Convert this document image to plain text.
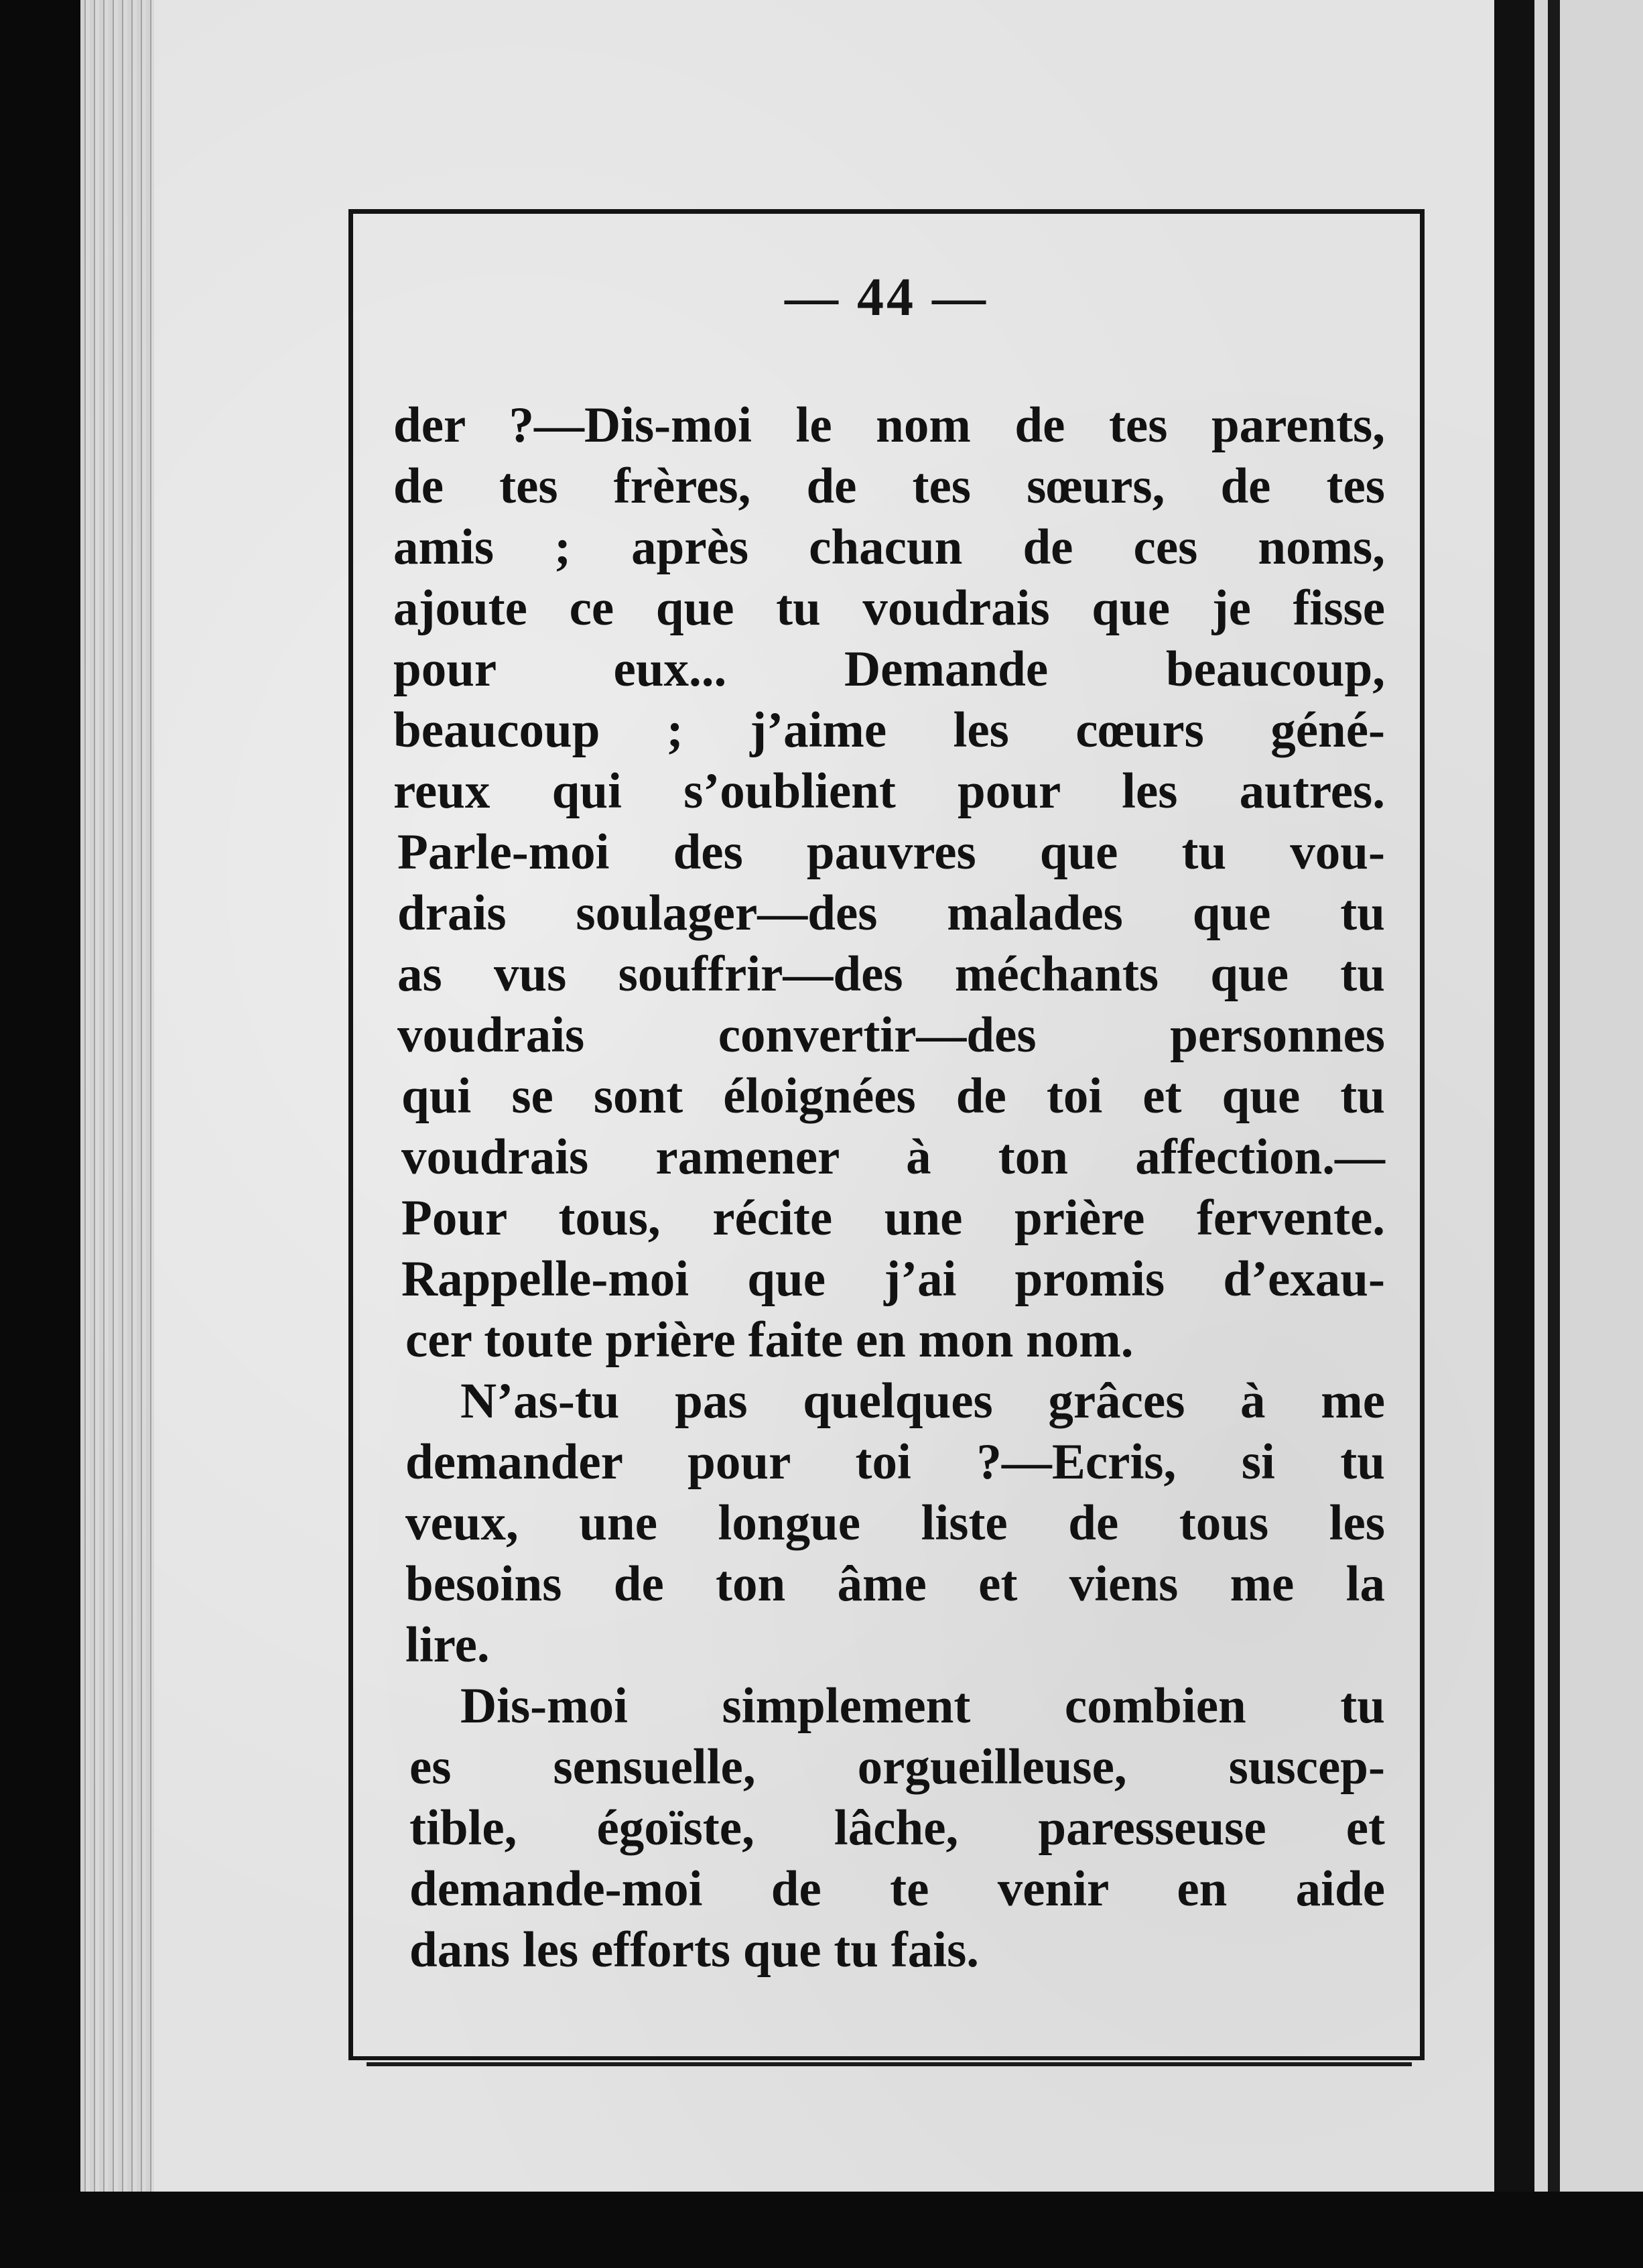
— 44 —
der ?—Dis-moi le nom de tes parents,
de tes frères, de tes sœurs, de tes
amis ; après chacun de ces noms,
ajoute ce que tu voudrais que je fisse
pour eux... Demande beaucoup,
beaucoup ; j’aime les cœurs géné-
reux qui s’oublient pour les autres.
Parle-moi des pauvres que tu vou-
drais soulager—des malades que tu
as vus souffrir—des méchants que tu
voudrais convertir—des personnes
qui se sont éloignées de toi et que tu
voudrais ramener à ton affection.—
Pour tous, récite une prière fervente.
Rappelle-moi que j’ai promis d’exau-
cer toute prière faite en mon nom.
N’as-tu pas quelques grâces à me
demander pour toi ?—Ecris, si tu
veux, une longue liste de tous les
besoins de ton âme et viens me la
lire.
Dis-moi simplement combien tu
es sensuelle, orgueilleuse, suscep-
tible, égoïste, lâche, paresseuse et
demande-moi de te venir en aide
dans les efforts que tu fais.
